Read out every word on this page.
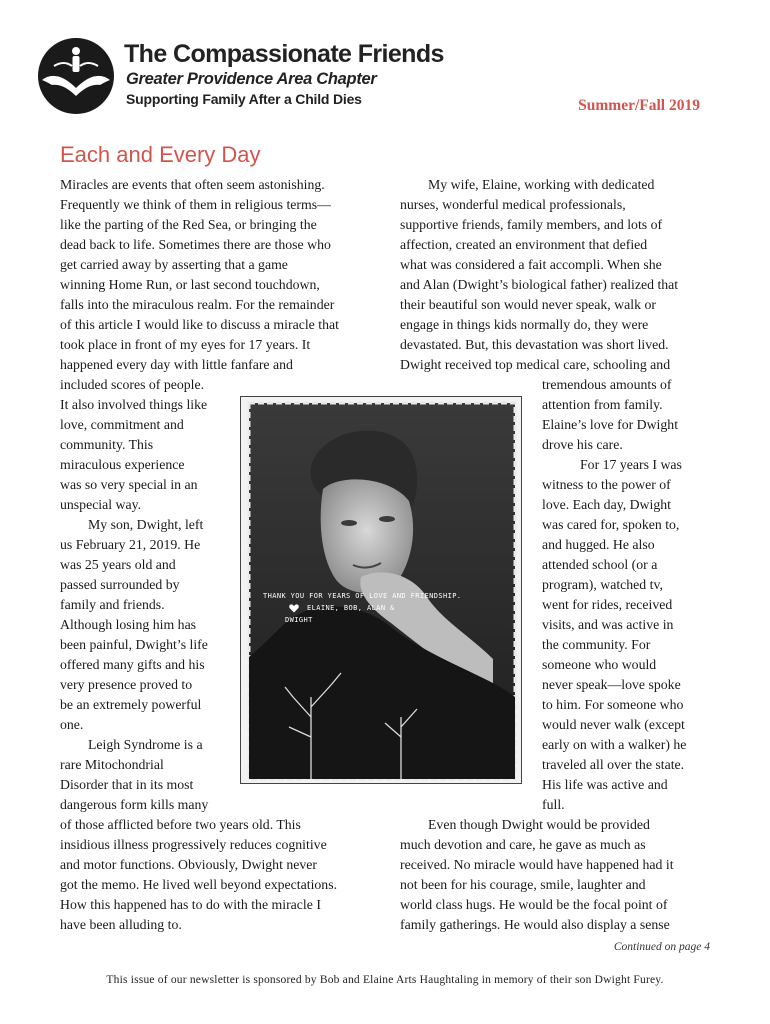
The Compassionate Friends
Greater Providence Area Chapter
Supporting Family After a Child Dies	Summer/Fall 2019
Each and Every Day
Miracles are events that often seem astonishing.
Frequently we think of them in religious terms—
like the parting of the Red Sea, or bringing the
dead back to life. Sometimes there are those who
get carried away by asserting that a game
winning Home Run, or last second touchdown,
falls into the miraculous realm. For the remainder
of this article I would like to discuss a miracle that
took place in front of my eyes for 17 years. It
happened every day with little fanfare and
included scores of people.
It also involved things like
love, commitment and
community. This
miraculous experience
was so very special in an
unspecial way.
My son, Dwight, left
us February 21, 2019. He
was 25 years old and
passed surrounded by
family and friends.
Although losing him has
been painful, Dwight’s life
offered many gifts and his
very presence proved to
be an extremely powerful
one.
Leigh Syndrome is a
rare Mitochondrial
Disorder that in its most
dangerous form kills many
of those afflicted before two years old. This
insidious illness progressively reduces cognitive
and motor functions. Obviously, Dwight never
got the memo. He lived well beyond expectations.
How this happened has to do with the miracle I
have been alluding to.
My wife, Elaine, working with dedicated
nurses, wonderful medical professionals,
supportive friends, family members, and lots of
affection, created an environment that defied
what was considered a fait accompli. When she
and Alan (Dwight’s biological father) realized that
their beautiful son would never speak, walk or
engage in things kids normally do, they were
devastated. But, this devastation was short lived.
Dwight received top medical care, schooling and
tremendous amounts of
attention from family.
Elaine’s love for Dwight
drove his care.
For 17 years I was
witness to the power of
love. Each day, Dwight
was cared for, spoken to,
and hugged. He also
attended school (or a
program), watched tv,
went for rides, received
visits, and was active in
the community. For
someone who would
never speak—love spoke
to him. For someone who
would never walk (except
early on with a walker) he
traveled all over the state.
His life was active and
full.
Even though Dwight would be provided
much devotion and care, he gave as much as
received. No miracle would have happened had it
not been for his courage, smile, laughter and
world class hugs. He would be the focal point of
family gatherings. He would also display a sense
THANK YOU FOR YEARS OF LOVE AND FRIENDSHIP.
ELAINE, BOB, ALAN & DWIGHT
Continued on page 4
This issue of our newsletter is sponsored by Bob and Elaine Arts Haughtaling in memory of their son Dwight Furey.
